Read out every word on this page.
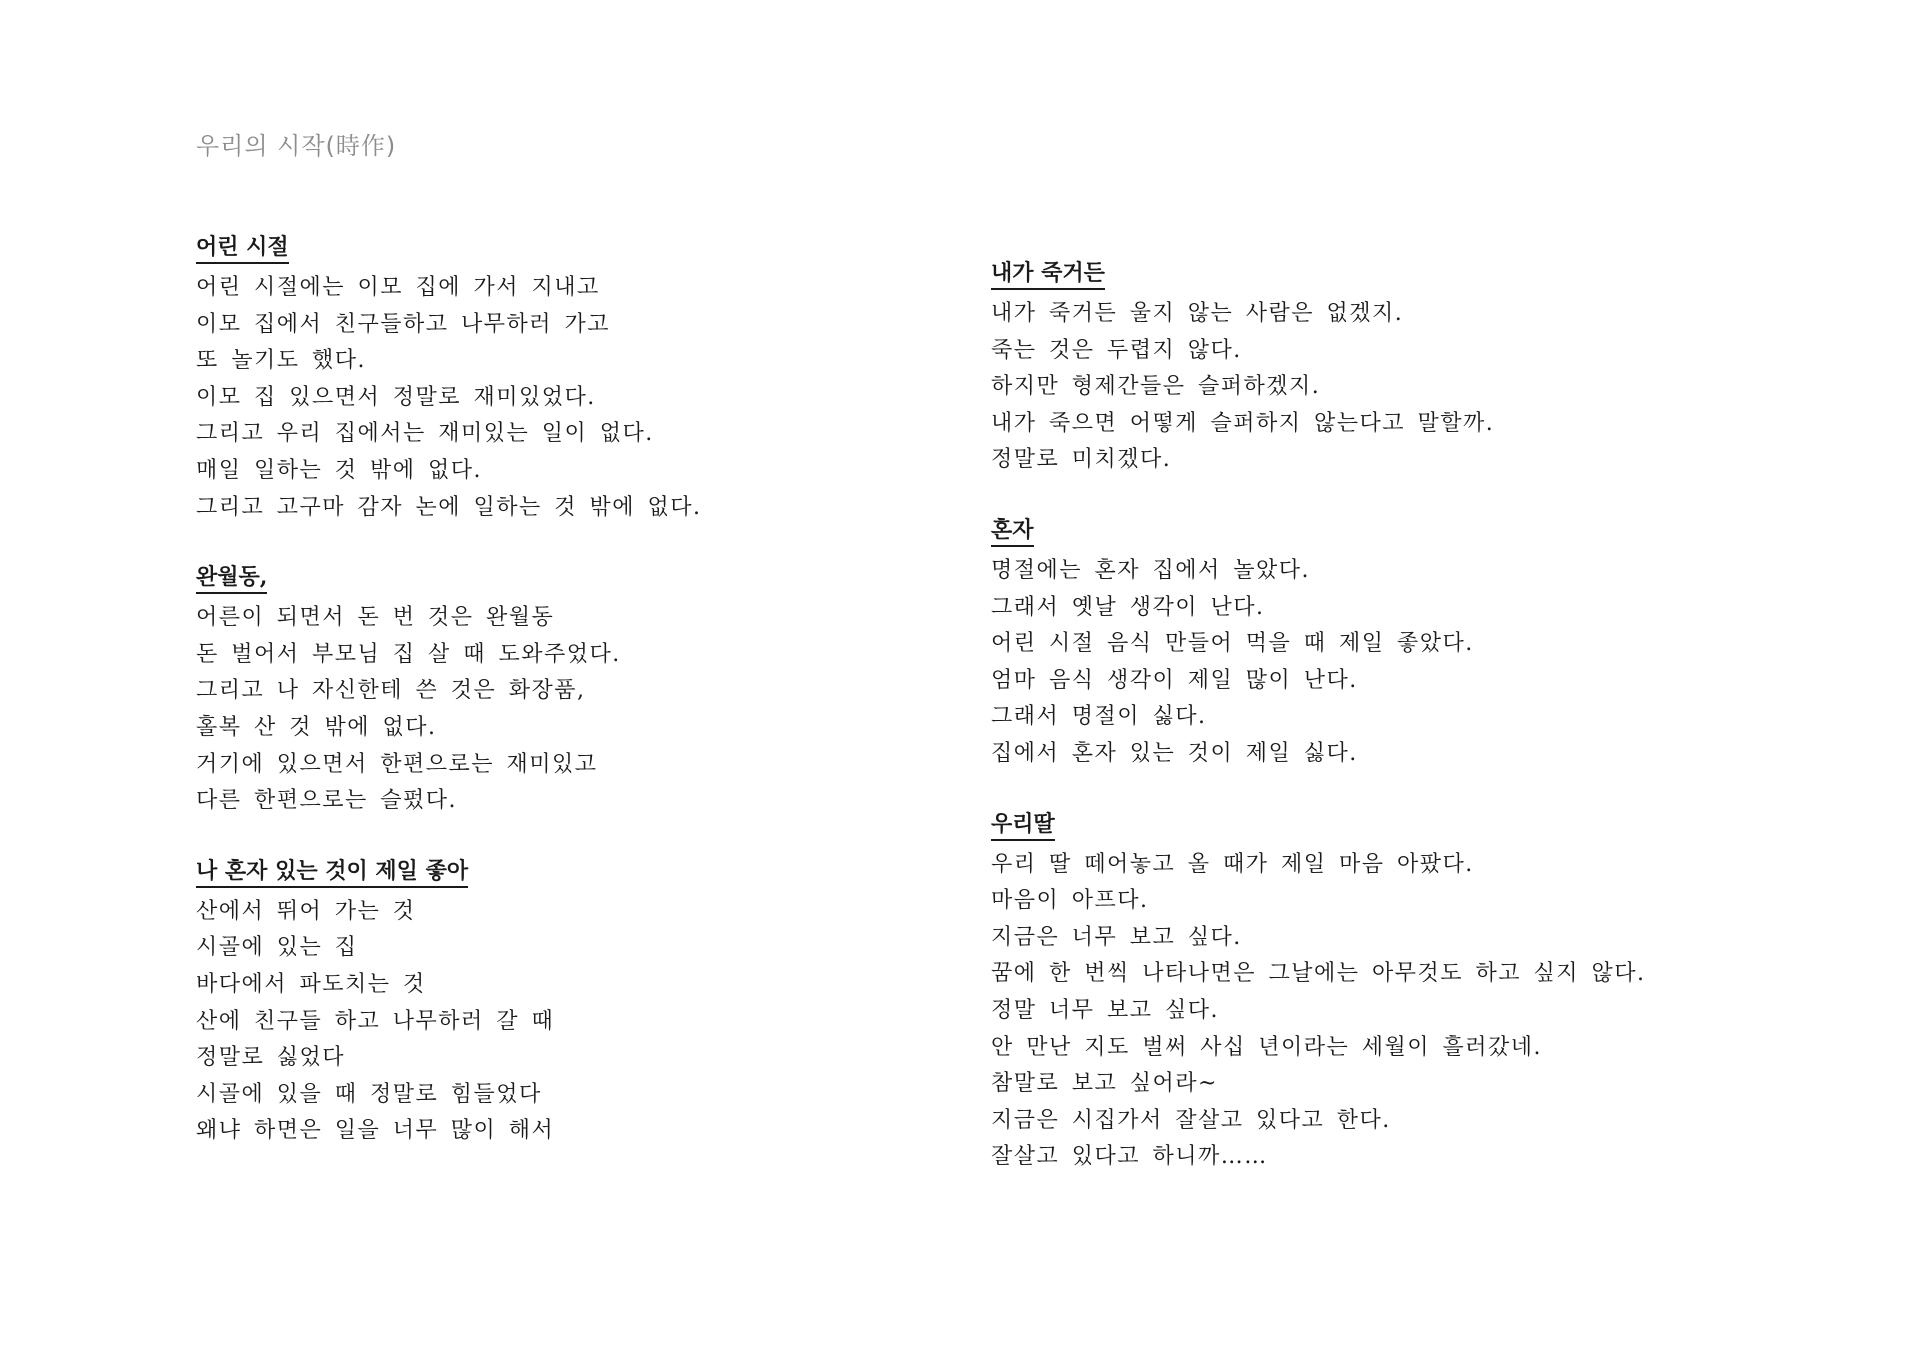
우리의 시작(時作)
어린 시절
어린 시절에는 이모 집에 가서 지내고
이모 집에서 친구들하고 나무하러 가고
또 놀기도 했다.
이모 집 있으면서 정말로 재미있었다.
그리고 우리 집에서는 재미있는 일이 없다.
매일 일하는 것 밖에 없다.
그리고 고구마 감자 논에 일하는 것 밖에 없다.
완월동,
어른이 되면서 돈 번 것은 완월동
돈 벌어서 부모님 집 살 때 도와주었다.
그리고 나 자신한테 쓴 것은 화장품,
홀복 산 것 밖에 없다.
거기에 있으면서 한편으로는 재미있고
다른 한편으로는 슬펐다.
나 혼자 있는 것이 제일 좋아
산에서 뛰어 가는 것
시골에 있는 집
바다에서 파도치는 것
산에 친구들 하고 나무하러 갈 때
정말로 싫었다
시골에 있을 때 정말로 힘들었다
왜냐 하면은 일을 너무 많이 해서
내가 죽거든
내가 죽거든 울지 않는 사람은 없겠지.
죽는 것은 두렵지 않다.
하지만 형제간들은 슬퍼하겠지.
내가 죽으면 어떻게 슬퍼하지 않는다고 말할까.
정말로 미치겠다.
혼자
명절에는 혼자 집에서 놀았다.
그래서 옛날 생각이 난다.
어린 시절 음식 만들어 먹을 때 제일 좋았다.
엄마 음식 생각이 제일 많이 난다.
그래서 명절이 싫다.
집에서 혼자 있는 것이 제일 싫다.
우리딸
우리 딸 떼어놓고 올 때가 제일 마음 아팠다.
마음이 아프다.
지금은 너무 보고 싶다.
꿈에 한 번씩 나타나면은 그날에는 아무것도 하고 싶지 않다.
정말 너무 보고 싶다.
안 만난 지도 벌써 사십 년이라는 세월이 흘러갔네.
참말로 보고 싶어라~
지금은 시집가서 잘살고 있다고 한다.
잘살고 있다고 하니까……
